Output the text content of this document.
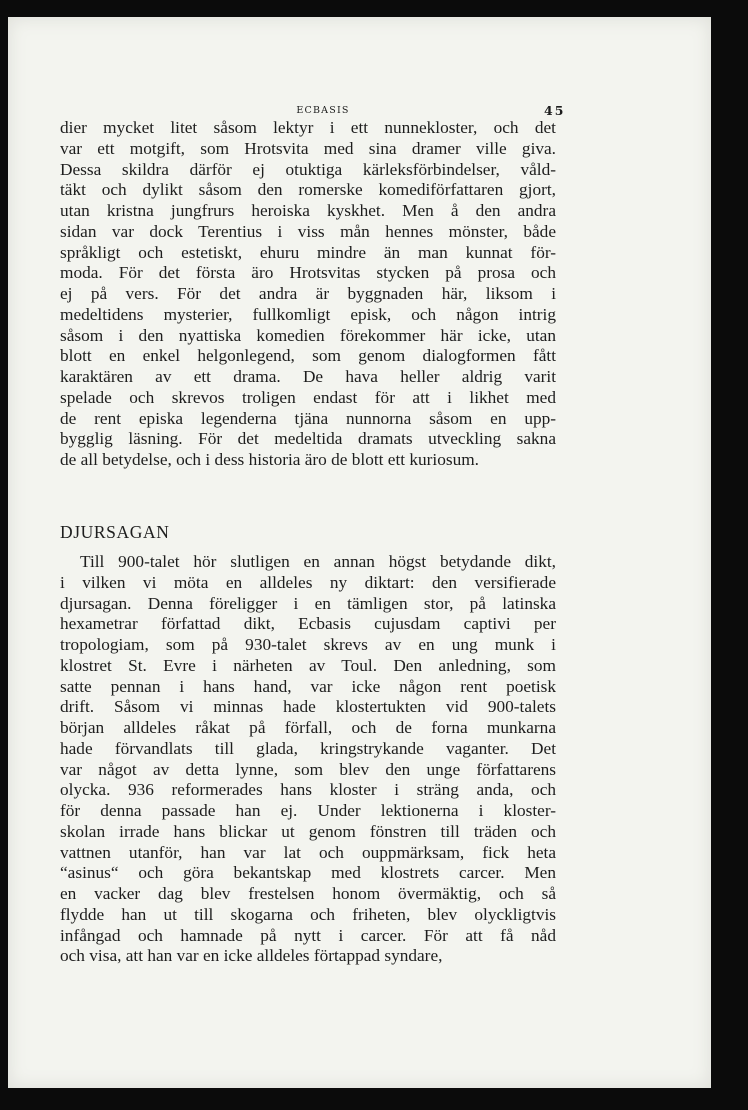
ECBASIS	45
dier mycket litet såsom lektyr i ett nunnekloster, och det
var ett motgift, som Hrotsvita med sina dramer ville giva.
Dessa skildra därför ej otuktiga kärleksförbindelser, våld-
täkt och dylikt såsom den romerske komediförfattaren gjort,
utan kristna jungfrurs heroiska kyskhet. Men å den andra
sidan var dock Terentius i viss mån hennes mönster, både
språkligt och estetiskt, ehuru mindre än man kunnat för-
moda. För det första äro Hrotsvitas stycken på prosa och
ej på vers. För det andra är byggnaden här, liksom i
medeltidens mysterier, fullkomligt episk, och någon intrig
såsom i den nyattiska komedien förekommer här icke, utan
blott en enkel helgonlegend, som genom dialogformen fått
karaktären av ett drama. De hava heller aldrig varit
spelade och skrevos troligen endast för att i likhet med
de rent episka legenderna tjäna nunnorna såsom en upp-
bygglig läsning. För det medeltida dramats utveckling sakna
de all betydelse, och i dess historia äro de blott ett kuriosum.
DJURSAGAN
Till 900-talet hör slutligen en annan högst betydande dikt,
i vilken vi möta en alldeles ny diktart: den versifierade
djursagan. Denna föreligger i en tämligen stor, på latinska
hexametrar författad dikt, Ecbasis cujusdam captivi per
tropologiam, som på 930-talet skrevs av en ung munk i
klostret St. Evre i närheten av Toul. Den anledning, som
satte pennan i hans hand, var icke någon rent poetisk
drift. Såsom vi minnas hade klostertukten vid 900-talets
början alldeles råkat på förfall, och de forna munkarna
hade förvandlats till glada, kringstrykande vaganter. Det
var något av detta lynne, som blev den unge författarens
olycka. 936 reformerades hans kloster i sträng anda, och
för denna passade han ej. Under lektionerna i kloster-
skolan irrade hans blickar ut genom fönstren till träden och
vattnen utanför, han var lat och ouppmärksam, fick heta
“asinus“ och göra bekantskap med klostrets carcer. Men
en vacker dag blev frestelsen honom övermäktig, och så
flydde han ut till skogarna och friheten, blev olyckligtvis
infångad och hamnade på nytt i carcer. För att få nåd
och visa, att han var en icke alldeles förtappad syndare,
